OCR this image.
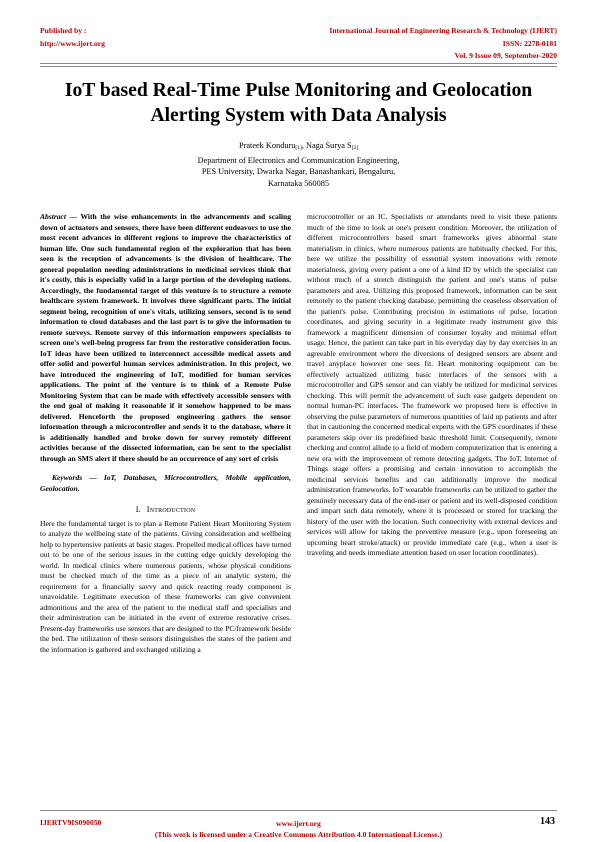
Published by :
http://www.ijert.org
International Journal of Engineering Research & Technology (IJERT)
ISSN: 2278-0181
Vol. 9 Issue 09, September-2020
IoT based Real-Time Pulse Monitoring and Geolocation Alerting System with Data Analysis
Prateek Konduru$_{[1]}$, Naga Surya $S_{[2]}$
Department of Electronics and Communication Engineering,
PES University, Dwarka Nagar, Banashankari, Bengaluru,
Karnataka 560085

Abstract — With the wise enhancements in the advancements and scaling down of actuators and sensors, there have been different endeavors to use the most recent advances in different regions to improve the characteristics of human life. One such fundamental region of the exploration that has been seen is the reception of advancements is the division of healthcare. The general population needing administrations in medicinal services think that it's costly, this is especially valid in a large portion of the developing nations. Accordingly, the fundamental target of this venture is to structure a remote healthcare system framework. It involves three significant parts. The initial segment being, recognition of one's vitals, utilizing sensors, second is to send information to cloud databases and the last part is to give the information to remote surveys. Remote survey of this information empowers specialists to screen one's well-being progress far from the restorative consideration focus. IoT ideas have been utilized to interconnect accessible medical assets and offer solid and powerful human services administration. In this project, we have introduced the engineering of IoT, modified for human services applications. The point of the venture is to think of a Remote Pulse Monitoring System that can be made with effectively accessible sensors with the end goal of making it reasonable if it somehow happened to be mass delivered. Henceforth the proposed engineering gathers the sensor information through a microcontroller and sends it to the database, where it is additionally handled and broke down for survey remotely different activities because of the dissected information, can be sent to the specialist through an SMS alert if there should be an occurrence of any sort of crisis

Keywords — IoT, Databases, Microcontrollers, Mobile application, Geolocation.

I. Introduction

Here the fundamental target is to plan a Remote Patient Heart Monitoring System to analyze the wellbeing state of the patients. Giving consideration and wellbeing help to hypertensive patients at basic stages. Propelled medical offices have turned out to be one of the serious issues in the cutting edge quickly developing the world. In medical clinics where numerous patients, whose physical conditions must be checked much of the time as a piece of an analytic system, the requirement for a financially savvy and quick reacting ready component is unavoidable. Legitimate execution of these frameworks can give convenient admonitions and the area of the patient to the medical staff and specialists and their administration can be initiated in the event of extreme restorative crises. Present-day frameworks use sensors that are designed to the PC/framework beside the bed. The utilization of these sensors distinguishes the states of the patient and the information is gathered and exchanged utilizing a

microcontroller or an IC. Specialists or attendants need to visit these patients much of the time to look at one's present condition. Moreover, the utilization of different microcontrollers based smart frameworks gives abnormal state materialism in clinics, where numerous patients are habitually checked. For this, here we utilize the possibility of essential system innovations with remote materialness, giving every patient a one of a kind ID by which the specialist can without much of a stretch distinguish the patient and one's status of pulse parameters and area. Utilizing this proposed framework, information can be sent remotely to the patient checking database, permitting the ceaseless observation of the patient's pulse. Contributing precision in estimations of pulse, location coordinates, and giving security in a legitimate ready instrument give this framework a magnificent dimension of consumer loyalty and minimal effort usage. Hence, the patient can take part in his everyday day by day exercises in an agreeable environment where the diversions of designed sensors are absent and travel anyplace however one sees fit. Heart monitoring equipment can be effectively actualized utilizing basic interfaces of the sensors with a microcontroller and GPS sensor and can viably be utilized for medicinal services checking. This will permit the advancement of such ease gadgets dependent on normal human-PC interfaces. The framework we proposed here is effective in observing the pulse parameters of numerous quantities of laid up patients and after that in cautioning the concerned medical experts with the GPS coordinates if these parameters skip over its predefined basic threshold limit. Consequently, remote checking and control allude to a field of modern computerization that is entering a new era with the improvement of remote detecting gadgets. The IoT, Internet of Things stage offers a promising and certain innovation to accomplish the medicinal services benefits and can additionally improve the medical administration frameworks. IoT wearable frameworks can be utilized to gather the genuinely necessary data of the end-user or patient and its well-disposed condition and impart such data remotely, where it is processed or stored for tracking the history of the user with the location. Such connectivity with external devices and services will allow for taking the preventive measure (e.g., upon foreseeing an upcoming heart stroke/attack) or provide immediate care (e.g., when a user is traveling and needs immediate attention based on user location coordinates).

IJERTV9IS090050	www.ijert.org
(This work is licensed under a Creative Commons Attribution 4.0 International License.)
143
